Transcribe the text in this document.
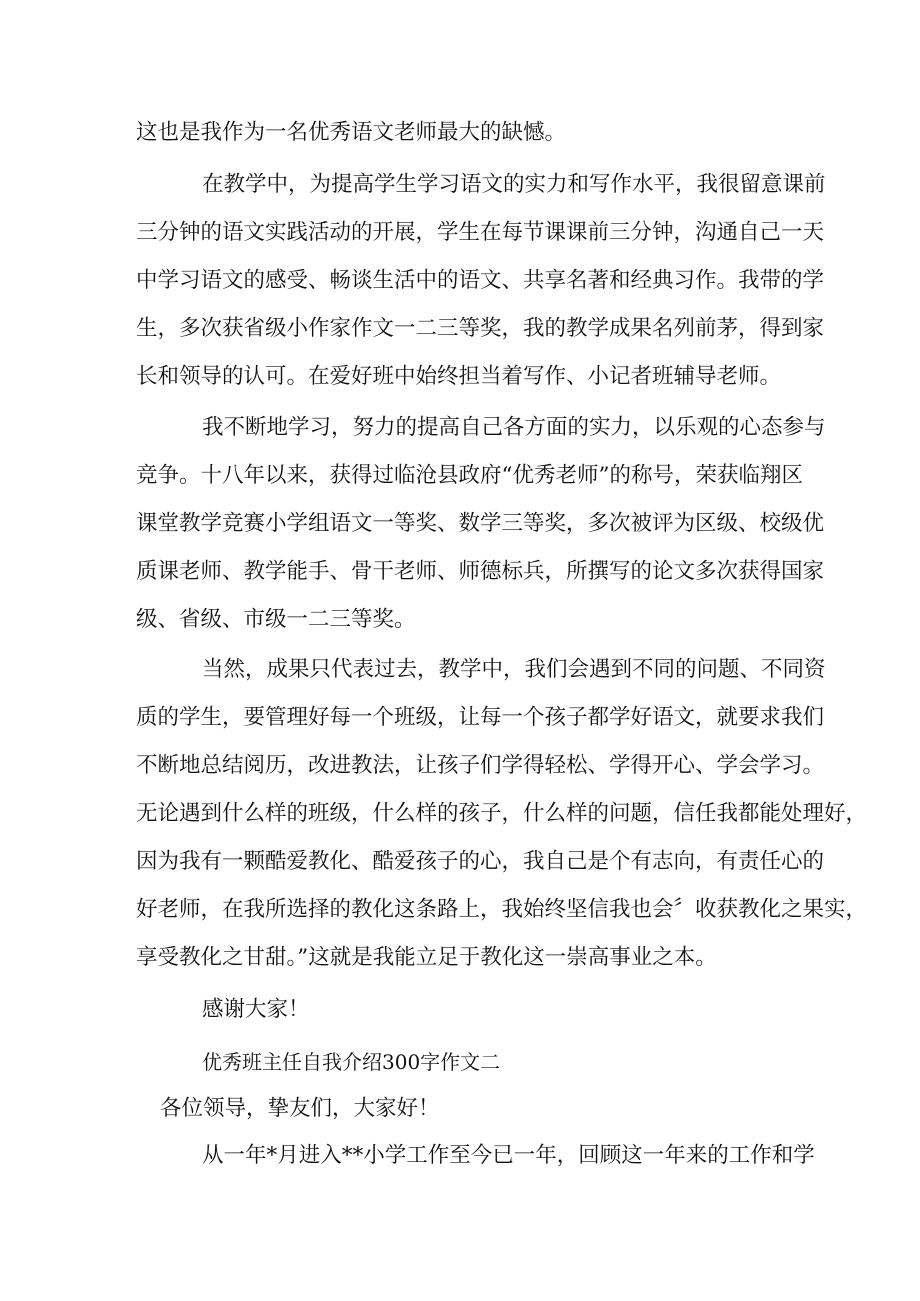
这也是我作为一名优秀语文老师最大的缺憾。
在教学中，为提高学生学习语文的实力和写作水平，我很留意课前
三分钟的语文实践活动的开展，学生在每节课课前三分钟，沟通自己一天
中学习语文的感受、畅谈生活中的语文、共享名著和经典习作。我带的学
生，多次获省级小作家作文一二三等奖，我的教学成果名列前茅，得到家
长和领导的认可。在爱好班中始终担当着写作、小记者班辅导老师。
我不断地学习，努力的提高自己各方面的实力，以乐观的心态参与
竞争。十八年以来，获得过临沧县政府“优秀老师”的称号，荣获临翔区
课堂教学竞赛小学组语文一等奖、数学三等奖，多次被评为区级、校级优
质课老师、教学能手、骨干老师、师德标兵，所撰写的论文多次获得国家
级、省级、市级一二三等奖。
当然，成果只代表过去，教学中，我们会遇到不同的问题、不同资
质的学生，要管理好每一个班级，让每一个孩子都学好语文，就要求我们
不断地总结阅历，改进教法，让孩子们学得轻松、学得开心、学会学习。
无论遇到什么样的班级，什么样的孩子，什么样的问题，信任我都能处理好，
因为我有一颗酷爱教化、酷爱孩子的心，我自己是个有志向，有责任心的
好老师，在我所选择的教化这条路上，我始终坚信我也会〞收获教化之果实，
享受教化之甘甜。”这就是我能立足于教化这一崇高事业之本。
感谢大家！
优秀班主任自我介绍300字作文二
各位领导，挚友们，大家好！
从一年*月进入**小学工作至今已一年，回顾这一年来的工作和学
